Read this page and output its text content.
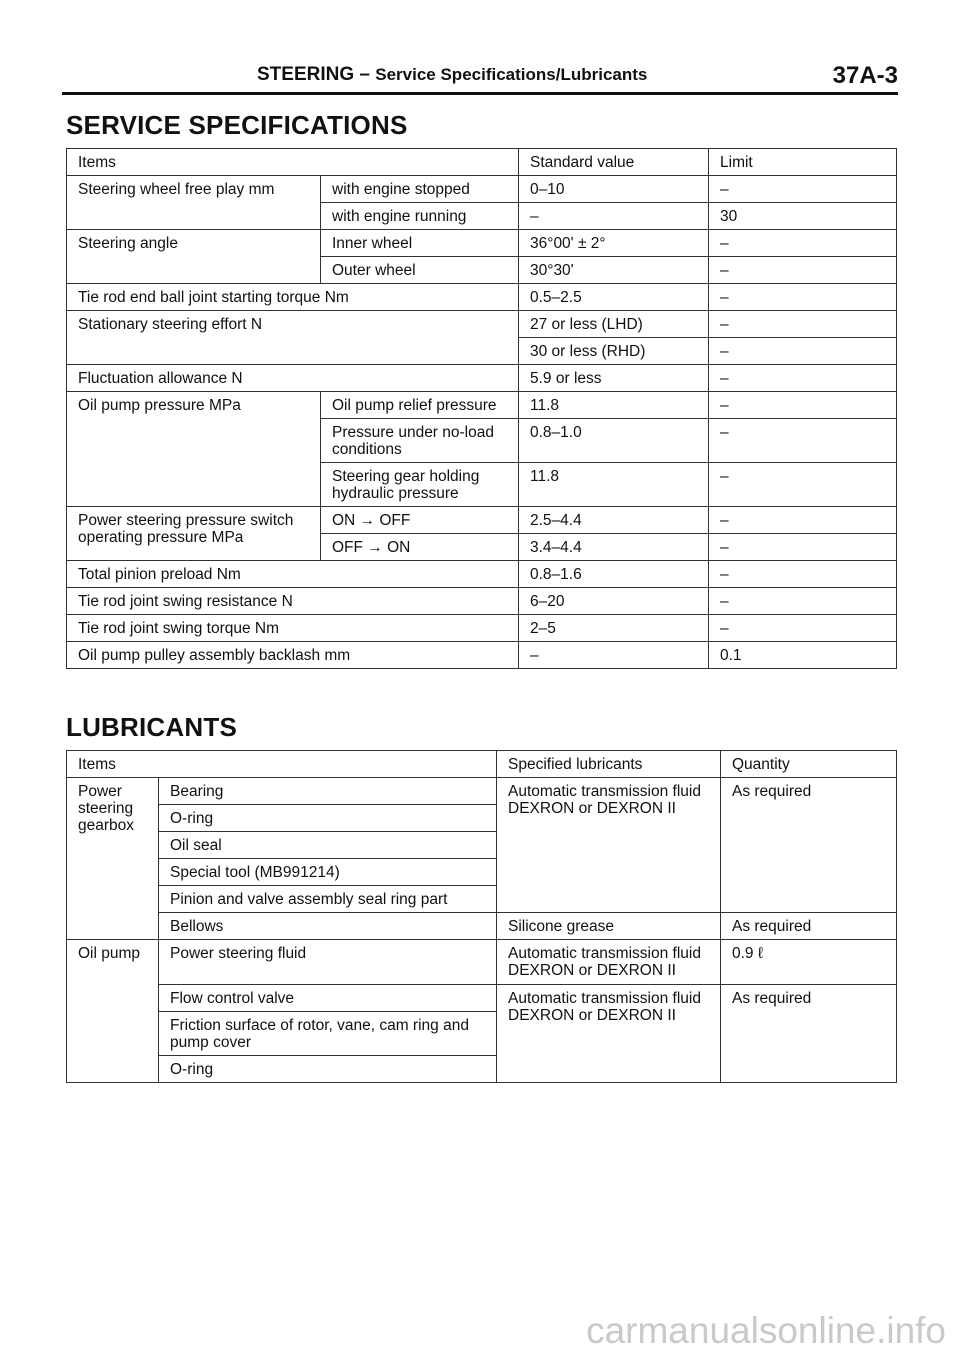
STEERING – Service Specifications/Lubricants	37A-3
SERVICE SPECIFICATIONS
Items		Standard value	Limit
Steering wheel free play mm	with engine stopped	0–10	–
	with engine running	–	30
Steering angle	Inner wheel	36°00' ± 2°	–
	Outer wheel	30°30'	–
Tie rod end ball joint starting torque Nm		0.5–2.5	–
Stationary steering effort N		27 or less (LHD)	–
		30 or less (RHD)	–
Fluctuation allowance N		5.9 or less	–
Oil pump pressure MPa	Oil pump relief pressure	11.8	–
	Pressure under no-load conditions	0.8–1.0	–
	Steering gear holding hydraulic pressure	11.8	–
Power steering pressure switch operating pressure MPa	ON → OFF	2.5–4.4	–
	OFF → ON	3.4–4.4	–
Total pinion preload Nm		0.8–1.6	–
Tie rod joint swing resistance N		6–20	–
Tie rod joint swing torque Nm		2–5	–
Oil pump pulley assembly backlash mm		–	0.1
LUBRICANTS
Items		Specified lubricants	Quantity
Power steering gearbox	Bearing	Automatic transmission fluid DEXRON or DEXRON II	As required
	O-ring		
	Oil seal		
	Special tool (MB991214)		
	Pinion and valve assembly seal ring part		
	Bellows	Silicone grease	As required
Oil pump	Power steering fluid	Automatic transmission fluid DEXRON or DEXRON II	0.9 ℓ
	Flow control valve	Automatic transmission fluid DEXRON or DEXRON II	As required
	Friction surface of rotor, vane, cam ring and pump cover		
	O-ring		
carmanualsonline.info
